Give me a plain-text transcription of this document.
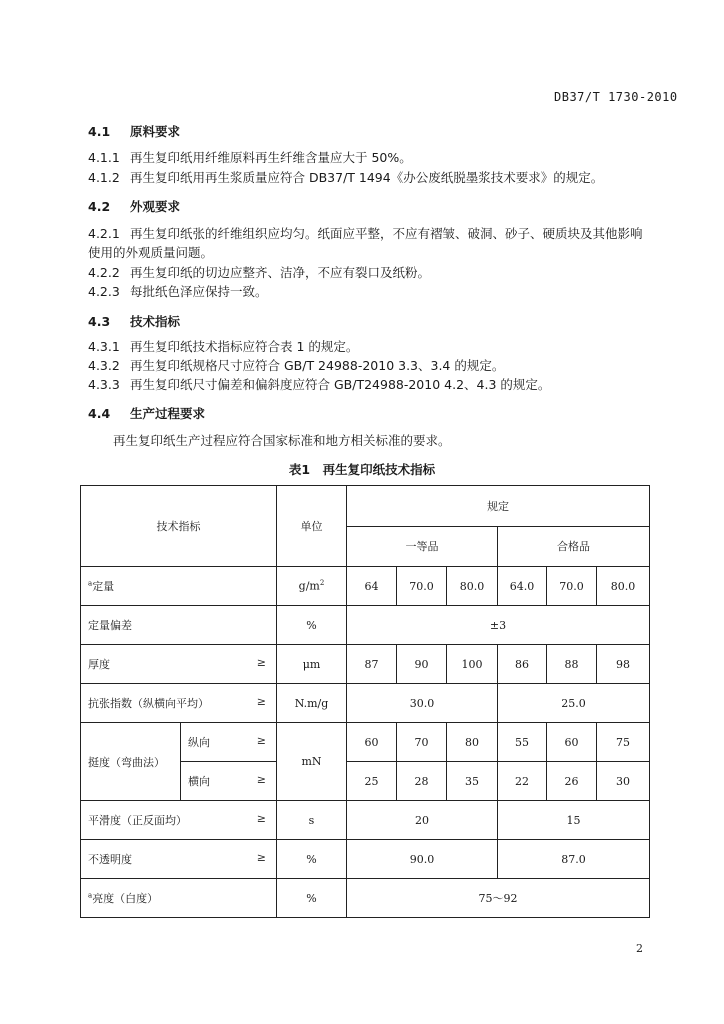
DB37/T 1730-2010
4.1 原料要求
4.1.1 再生复印纸用纤维原料再生纤维含量应大于 50%。
4.1.2 再生复印纸用再生浆质量应符合 DB37/T 1494《办公废纸脱墨浆技术要求》的规定。
4.2 外观要求
4.2.1 再生复印纸张的纤维组织应均匀。纸面应平整，不应有褶皱、破洞、砂子、硬质块及其他影响
使用的外观质量问题。
4.2.2 再生复印纸的切边应整齐、洁净，不应有裂口及纸粉。
4.2.3 每批纸色泽应保持一致。
4.3 技术指标
4.3.1 再生复印纸技术指标应符合表 1 的规定。
4.3.2 再生复印纸规格尺寸应符合 GB/T 24988-2010 3.3、3.4 的规定。
4.3.3 再生复印纸尺寸偏差和偏斜度应符合 GB/T24988-2010 4.2、4.3 的规定。
4.4 生产过程要求
再生复印纸生产过程应符合国家标准和地方相关标准的要求。
表1　再生复印纸技术指标
技术指标		单位	规定					
			一等品			合格品		
$^a$定量		$g/m^2$	64	70.0	80.0	64.0	70.0	80.0
定量偏差		%	±3					

厚度 ≥		μm	87	90	100	86	88	98

抗张指数（纵横向平均） ≥		N.m/g	30.0			25.0		
挺度（弯曲法）	纵向 ≥	mN	60	70	80	55	60	75

	横向 ≥		25	28	35	22	26	30

平滑度（正反面均） ≥		s	20			15		

不透明度 ≥		%	90.0			87.0		
$^a$亮度（白度）		%	75～92					
2
